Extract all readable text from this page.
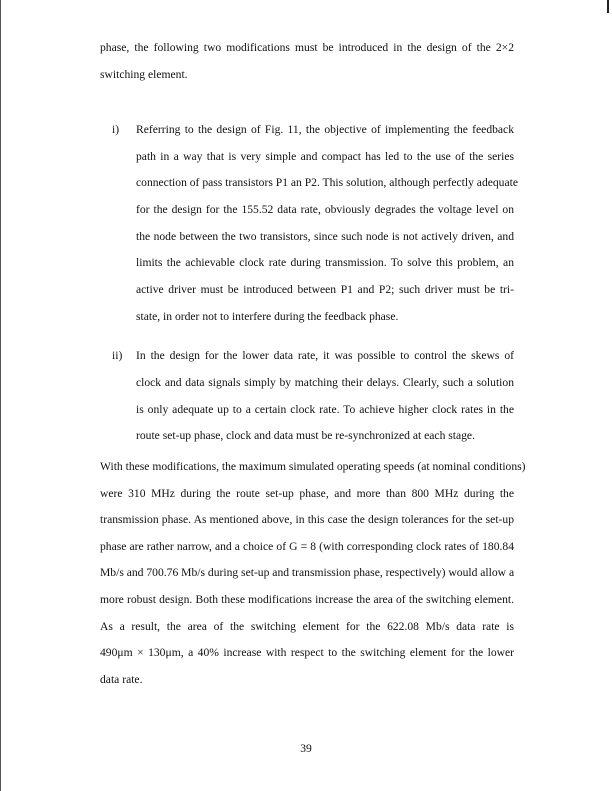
phase, the following two modifications must be introduced in the design of the 2×2
switching element.
i) Referring to the design of Fig. 11, the objective of implementing the feedback
path in a way that is very simple and compact has led to the use of the series
connection of pass transistors P1 an P2. This solution, although perfectly adequate
for the design for the 155.52 data rate, obviously degrades the voltage level on
the node between the two transistors, since such node is not actively driven, and
limits the achievable clock rate during transmission. To solve this problem, an
active driver must be introduced between P1 and P2; such driver must be tri-
state, in order not to interfere during the feedback phase.
ii) In the design for the lower data rate, it was possible to control the skews of
clock and data signals simply by matching their delays. Clearly, such a solution
is only adequate up to a certain clock rate. To achieve higher clock rates in the
route set-up phase, clock and data must be re-synchronized at each stage.
With these modifications, the maximum simulated operating speeds (at nominal conditions)
were 310 MHz during the route set-up phase, and more than 800 MHz during the
transmission phase. As mentioned above, in this case the design tolerances for the set-up
phase are rather narrow, and a choice of G = 8 (with corresponding clock rates of 180.84
Mb/s and 700.76 Mb/s during set-up and transmission phase, respectively) would allow a
more robust design. Both these modifications increase the area of the switching element.
As a result, the area of the switching element for the 622.08 Mb/s data rate is
490μm × 130μm, a 40% increase with respect to the switching element for the lower
data rate.
39
